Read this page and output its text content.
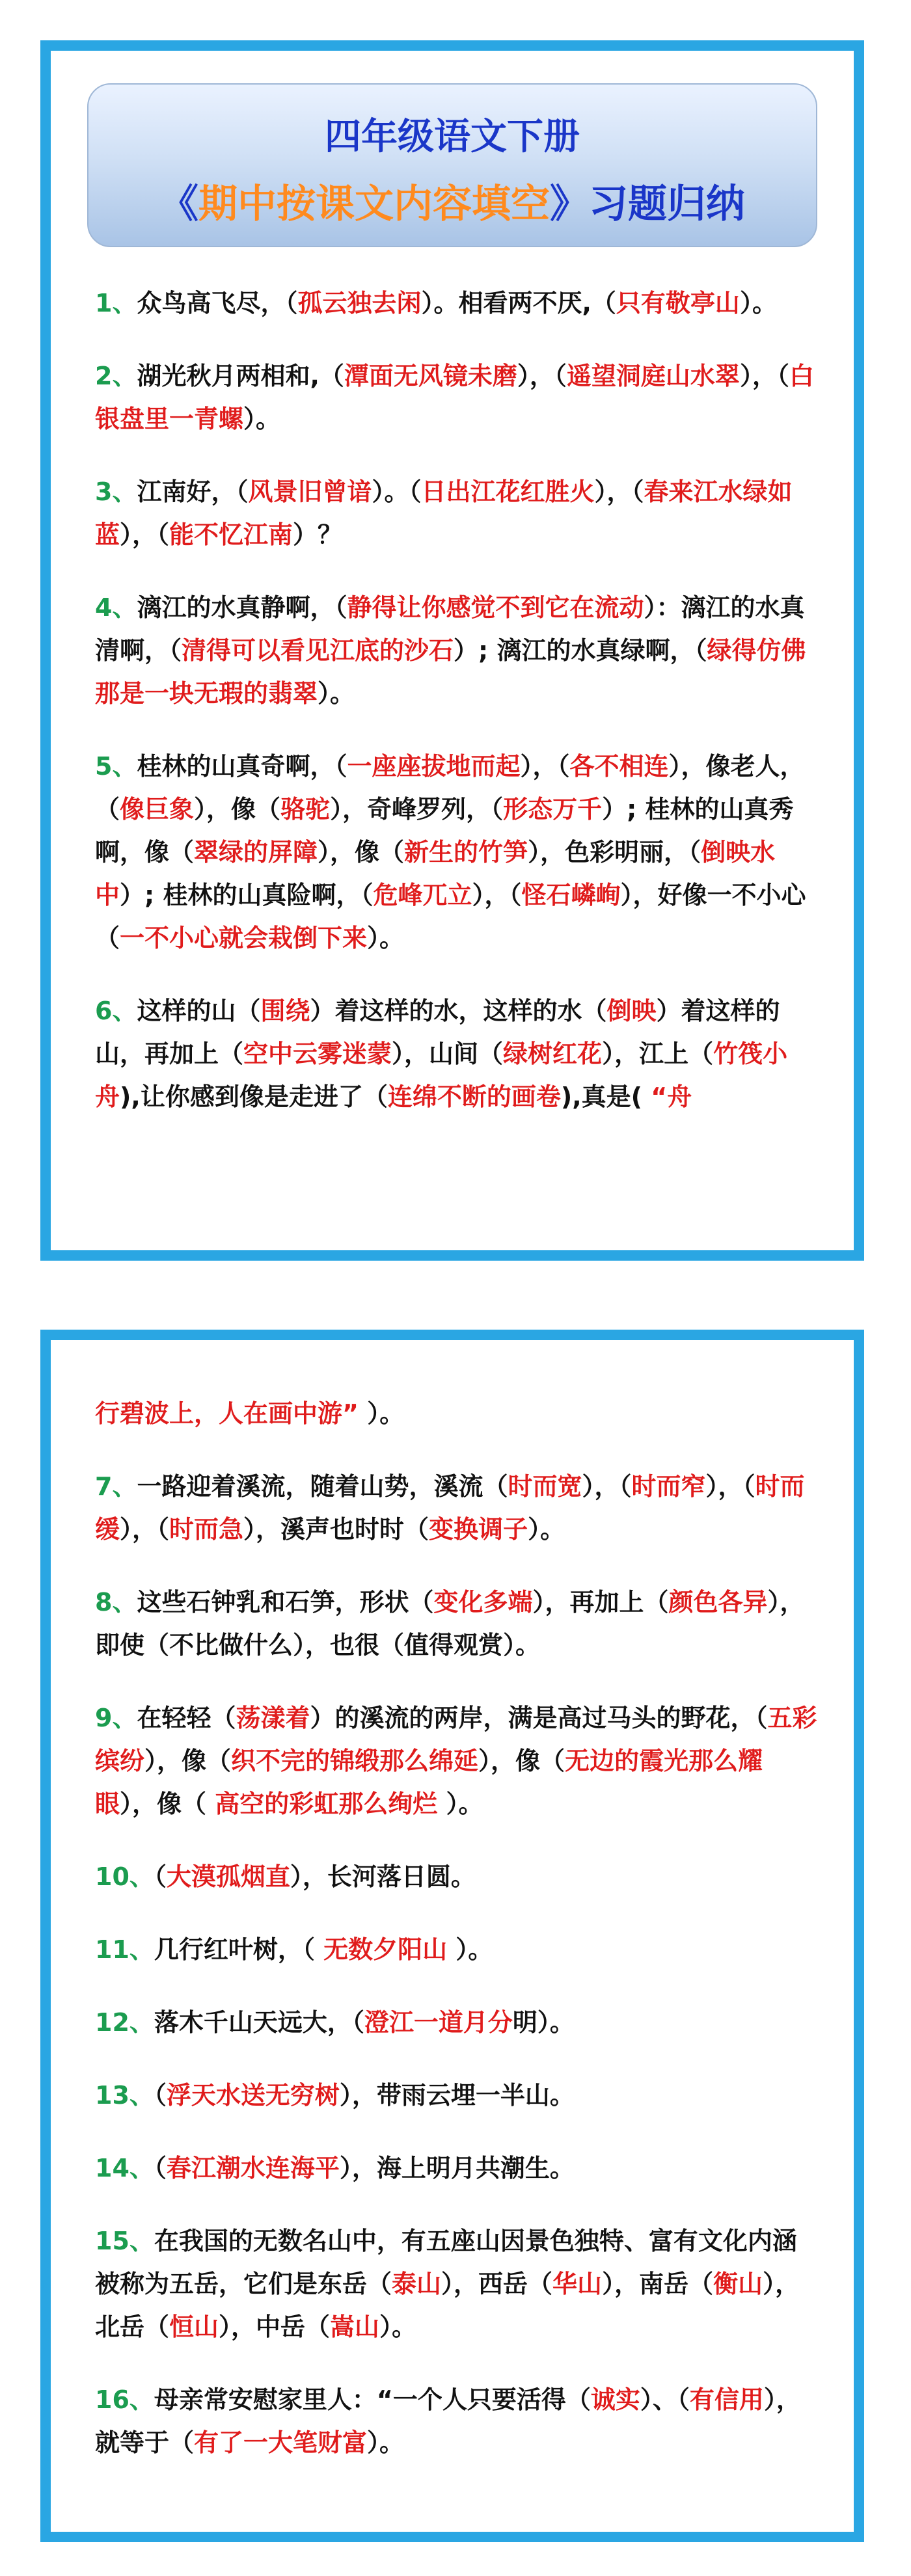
四年级语文下册
《期中按课文内容填空》习题归纳
1、众鸟高飞尽，（孤云独去闲）。相看两不厌,（只有敬亭山）。
2、湖光秋月两相和,（潭面无风镜未磨），（遥望洞庭山水翠），（白银盘里一青螺）。
3、江南好，（风景旧曾谙）。（日出江花红胜火），（春来江水绿如蓝），（能不忆江南）？
4、漓江的水真静啊，（静得让你感觉不到它在流动）：漓江的水真清啊，（清得可以看见江底的沙石）; 漓江的水真绿啊，（绿得仿佛那是一块无瑕的翡翠）。
5、桂林的山真奇啊，（一座座拔地而起），（各不相连），像老人，（像巨象），像（骆驼），奇峰罗列，（形态万千）; 桂林的山真秀啊，像（翠绿的屏障），像（新生的竹笋），色彩明丽，（倒映水中）; 桂林的山真险啊，（危峰兀立），（怪石嶙峋），好像一不小心（一不小心就会栽倒下来）。
6、这样的山（围绕）着这样的水，这样的水（倒映）着这样的山，再加上（空中云雾迷蒙），山间（绿树红花），江上（竹筏小舟),让你感到像是走进了（连绵不断的画卷),真是( “舟
行碧波上，人在画中游” ）。
7、一路迎着溪流，随着山势，溪流（时而宽），（时而窄），（时而缓），（时而急），溪声也时时（变换调子）。
8、这些石钟乳和石笋，形状（变化多端），再加上（颜色各异），即使（不比做什么），也很（值得观赏）。
9、在轻轻（荡漾着）的溪流的两岸，满是高过马头的野花，（五彩缤纷），像（织不完的锦缎那么绵延），像（无边的霞光那么耀眼），像（ 高空的彩虹那么绚烂 ）。
10、（大漠孤烟直），长河落日圆。
11、几行红叶树，（ 无数夕阳山 ）。
12、落木千山天远大，（澄江一道月分明）。
13、（浮天水送无穷树），带雨云埋一半山。
14、（春江潮水连海平），海上明月共潮生。
15、在我国的无数名山中，有五座山因景色独特、富有文化内涵被称为五岳，它们是东岳（泰山），西岳（华山），南岳（衡山），北岳（恒山），中岳（嵩山）。
16、母亲常安慰家里人：“一个人只要活得（诚实）、（有信用），就等于（有了一大笔财富）。
